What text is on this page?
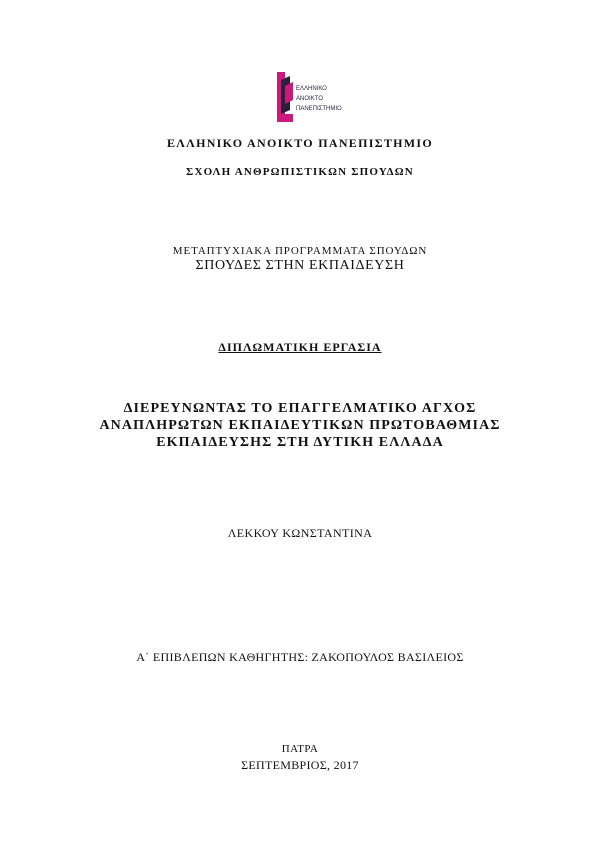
ΕΛΛΗΝΙΚΟ
ΑΝΟΙΚΤΟ
ΠΑΝΕΠΙΣΤΗΜΙΟ
ΕΛΛΗΝΙΚΟ ΑΝΟΙΚΤΟ ΠΑΝΕΠΙΣΤΗΜΙΟ
ΣΧΟΛΗ ΑΝΘΡΩΠΙΣΤΙΚΩΝ ΣΠΟΥΔΩΝ
ΜΕΤΑΠΤΥΧΙΑΚΑ ΠΡΟΓΡΑΜΜΑΤΑ ΣΠΟΥΔΩΝ
ΣΠΟΥΔΕΣ ΣΤΗΝ ΕΚΠΑΙΔΕΥΣΗ
ΔΙΠΛΩΜΑΤΙΚΗ ΕΡΓΑΣΙΑ
ΔΙΕΡΕΥΝΩΝΤΑΣ ΤΟ ΕΠΑΓΓΕΛΜΑΤΙΚΟ ΑΓΧΟΣ
ΑΝΑΠΛΗΡΩΤΩΝ ΕΚΠΑΙΔΕΥΤΙΚΩΝ ΠΡΩΤΟΒΑΘΜΙΑΣ
ΕΚΠΑΙΔΕΥΣΗΣ ΣΤΗ ΔΥΤΙΚΗ ΕΛΛΑΔΑ
ΛΕΚΚΟΥ ΚΩΝΣΤΑΝΤΙΝΑ
Α΄ ΕΠΙΒΛΕΠΩΝ ΚΑΘΗΓΗΤΗΣ: ΖΑΚΟΠΟΥΛΟΣ ΒΑΣΙΛΕΙΟΣ
ΠΑΤΡΑ
ΣΕΠΤΕΜΒΡΙΟΣ, 2017
